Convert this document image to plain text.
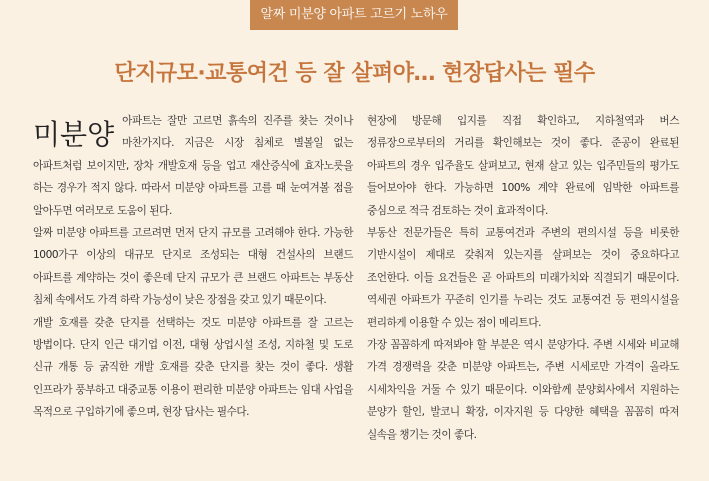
알짜 미분양 아파트 고르기 노하우
단지규모·교통여건 등 잘 살펴야… 현장답사는 필수

미분양 아파트는 잘만 고르면 흙속의 진주를 찾는 것이나 마찬가지다. 지금은 시장 침체로 별볼일 없는 아파트처럼 보이지만, 장차 개발호재 등을 업고 재산증식에 효자노릇을 하는 경우가 적지 않다. 따라서 미분양 아파트를 고를 때 눈여겨볼 점을 알아두면 여러모로 도움이 된다.

알짜 미분양 아파트를 고르려면 먼저 단지 규모를 고려해야 한다. 가능한 1000가구 이상의 대규모 단지로 조성되는 대형 건설사의 브랜드 아파트를 계약하는 것이 좋은데 단지 규모가 큰 브랜드 아파트는 부동산 침체 속에서도 가격 하락 가능성이 낮은 장점을 갖고 있기 때문이다.

개발 호재를 갖춘 단지를 선택하는 것도 미분양 아파트를 잘 고르는 방법이다. 단지 인근 대기업 이전, 대형 상업시설 조성, 지하철 및 도로 신규 개통 등 굵직한 개발 호재를 갖춘 단지를 찾는 것이 좋다. 생활 인프라가 풍부하고 대중교통 이용이 편리한 미분양 아파트는 임대 사업을 목적으로 구입하기에 좋으며, 현장 답사는 필수다.

현장에 방문해 입지를 직접 확인하고, 지하철역과 버스 정류장으로부터의 거리를 확인해보는 것이 좋다. 준공이 완료된 아파트의 경우 입주율도 살펴보고, 현재 살고 있는 입주민들의 평가도 들어보아야 한다. 가능하면 100% 계약 완료에 임박한 아파트를 중심으로 적극 검토하는 것이 효과적이다.

부동산 전문가들은 특히 교통여건과 주변의 편의시설 등을 비롯한 기반시설이 제대로 갖춰져 있는지를 살펴보는 것이 중요하다고 조언한다. 이들 요건들은 곧 아파트의 미래가치와 직결되기 때문이다. 역세권 아파트가 꾸준히 인기를 누리는 것도 교통여건 등 편의시설을 편리하게 이용할 수 있는 점이 메리트다.

가장 꼼꼼하게 따져봐야 할 부분은 역시 분양가다. 주변 시세와 비교해 가격 경쟁력을 갖춘 미분양 아파트는, 주변 시세로만 가격이 올라도 시세차익을 거둘 수 있기 때문이다. 이와함께 분양회사에서 지원하는 분양가 할인, 발코니 확장, 이자지원 등 다양한 혜택을 꼼꼼히 따져 실속을 챙기는 것이 좋다.
